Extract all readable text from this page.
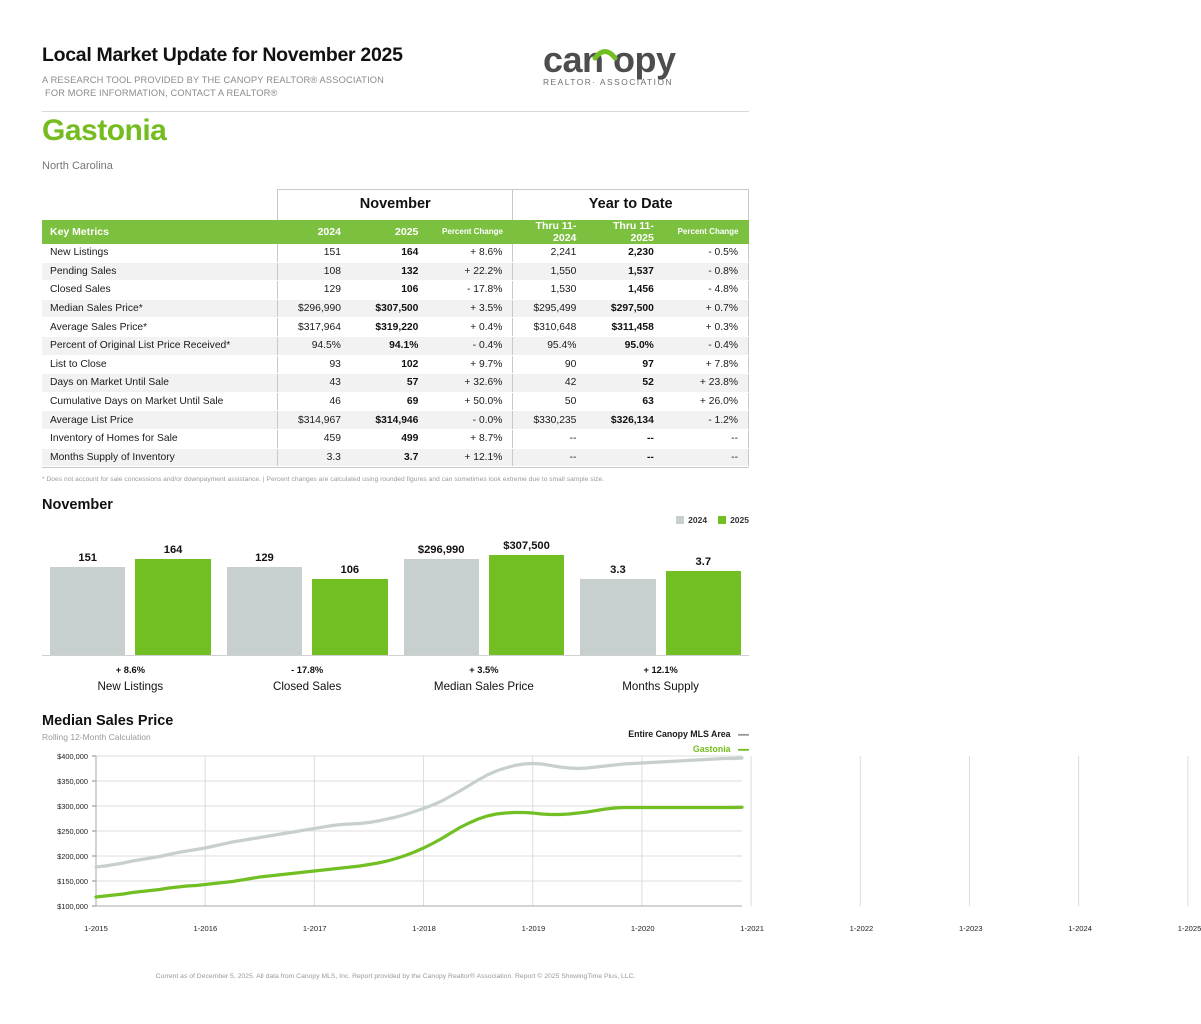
Local Market Update for November 2025
A RESEARCH TOOL PROVIDED BY THE CANOPY REALTOR® ASSOCIATION
FOR MORE INFORMATION, CONTACT A REALTOR®
can opy
REALTOR· ASSOCIATION
Gastonia
North Carolina
	November			Year to Date		
Key Metrics	2024	2025	Percent Change	Thru 11-2024	Thru 11-2025	Percent Change
New Listings	151	164	+ 8.6%	2,241	2,230	- 0.5%
Pending Sales	108	132	+ 22.2%	1,550	1,537	- 0.8%
Closed Sales	129	106	- 17.8%	1,530	1,456	- 4.8%
Median Sales Price*	$296,990	$307,500	+ 3.5%	$295,499	$297,500	+ 0.7%
Average Sales Price*	$317,964	$319,220	+ 0.4%	$310,648	$311,458	+ 0.3%
Percent of Original List Price Received*	94.5%	94.1%	- 0.4%	95.4%	95.0%	- 0.4%
List to Close	93	102	+ 9.7%	90	97	+ 7.8%
Days on Market Until Sale	43	57	+ 32.6%	42	52	+ 23.8%
Cumulative Days on Market Until Sale	46	69	+ 50.0%	50	63	+ 26.0%
Average List Price	$314,967	$314,946	- 0.0%	$330,235	$326,134	- 1.2%
Inventory of Homes for Sale	459	499	+ 8.7%	--	--	--
Months Supply of Inventory	3.3	3.7	+ 12.1%	--	--	--

* Does not account for sale concessions and/or downpayment assistance. | Percent changes are calculated using rounded figures and can sometimes look extreme due to small sample size.
November
2024	2025
151
164
129
106
$296,990	$307,500
3.3
3.7
+ 8.6%
New Listings
- 17.8%
Closed Sales
+ 3.5%
Median Sales Price
+ 12.1%
Months Supply
Median Sales Price
Rolling 12-Month Calculation	Entire Canopy MLS Area
Gastonia
$100,000
$150,000
$200,000
$250,000
$300,000
$350,000
$400,000
1-2015	1-2016	1-2017	1-2018	1-2019	1-2020	1-2021	1-2022	1-2023	1-2024	1-2025
Current as of December 5, 2025. All data from Canopy MLS, Inc. Report provided by the Canopy Realtor® Association. Report © 2025 ShowingTime Plus, LLC.
